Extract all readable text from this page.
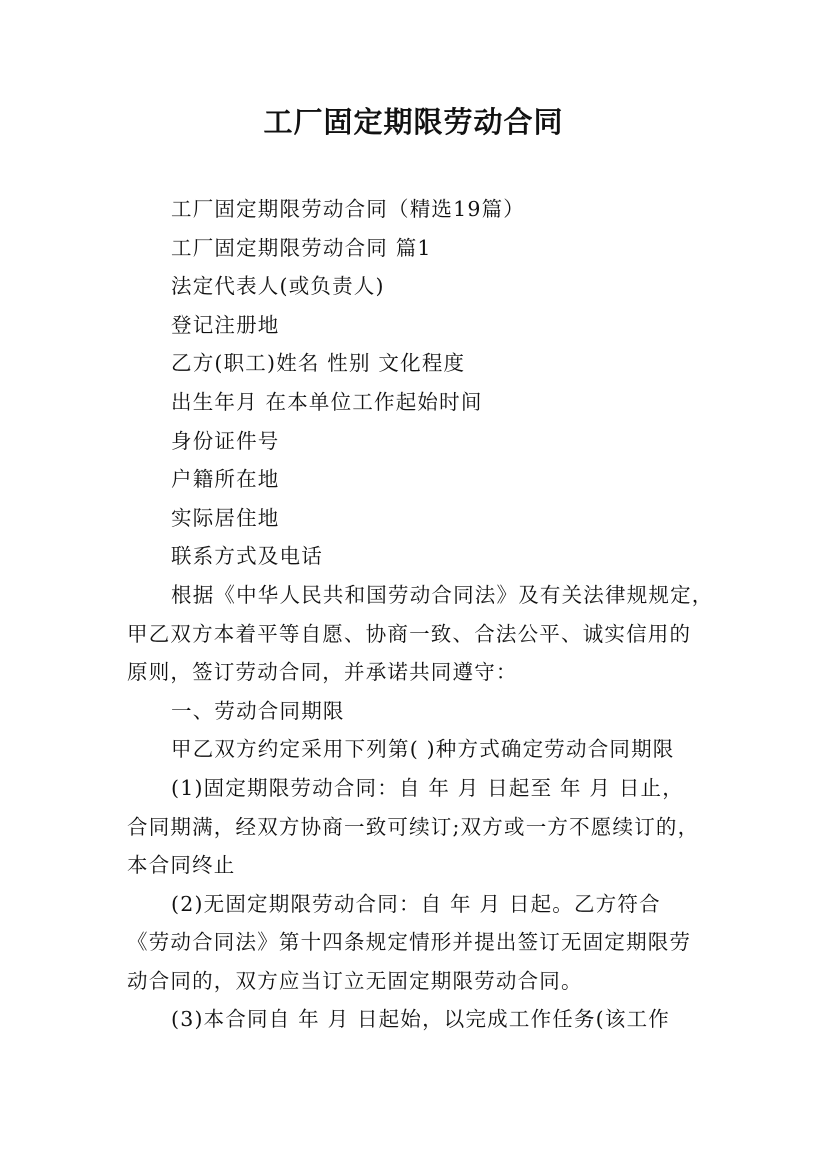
工厂固定期限劳动合同

工厂固定期限劳动合同（精选19篇）

工厂固定期限劳动合同 篇1

法定代表人(或负责人)

登记注册地

乙方(职工)姓名 性别 文化程度

出生年月 在本单位工作起始时间

身份证件号

户籍所在地

实际居住地

联系方式及电话

根据《中华人民共和国劳动合同法》及有关法律规规定，

甲乙双方本着平等自愿、协商一致、合法公平、诚实信用的

原则，签订劳动合同，并承诺共同遵守：

一、劳动合同期限

甲乙双方约定采用下列第( )种方式确定劳动合同期限

(1)固定期限劳动合同：自 年 月 日起至 年 月 日止，

合同期满，经双方协商一致可续订;双方或一方不愿续订的，

本合同终止

(2)无固定期限劳动合同：自 年 月 日起。乙方符合

《劳动合同法》第十四条规定情形并提出签订无固定期限劳

动合同的，双方应当订立无固定期限劳动合同。

(3)本合同自 年 月 日起始，以完成工作任务(该工作
